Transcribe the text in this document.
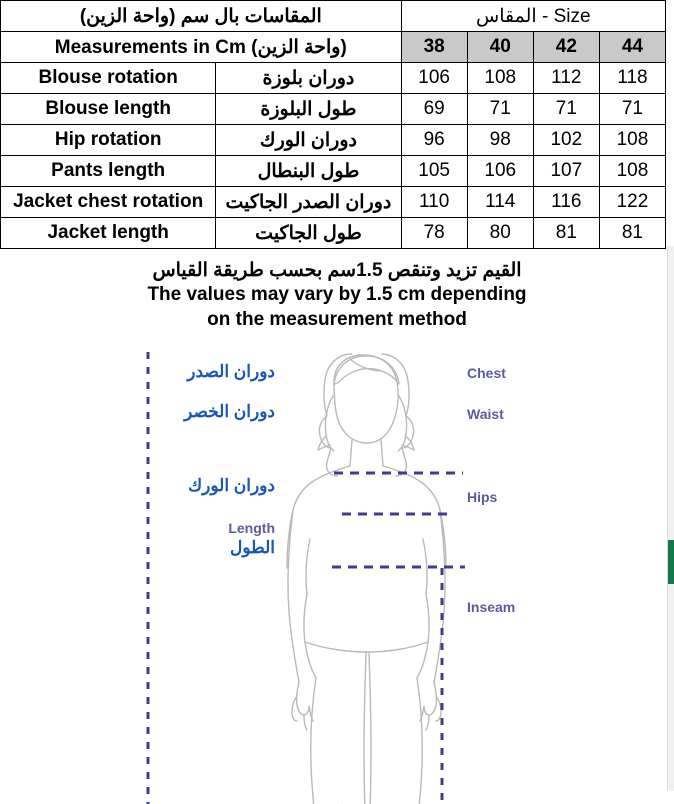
المقاسات بال سم (واحة الزين)		المقاس - Size			
Measurements in Cm (واحة الزين)		38	40	42	44
Blouse rotation	دوران بلوزة	106	108	112	118
Blouse length	طول البلوزة	69	71	71	71
Hip rotation	دوران الورك	96	98	102	108
Pants length	طول البنطال	105	106	107	108
Jacket chest rotation	دوران الصدر الجاكيت	110	114	116	122
Jacket length	طول الجاكيت	78	80	81	81
القيم تزيد وتنقص 1.5سم بحسب طريقة القياس
The values may vary by 1.5 cm depending
on the measurement method
دوران الصدر
دوران الخصر
دوران الورك
Length
الطول
Chest
Waist
Hips
Inseam
